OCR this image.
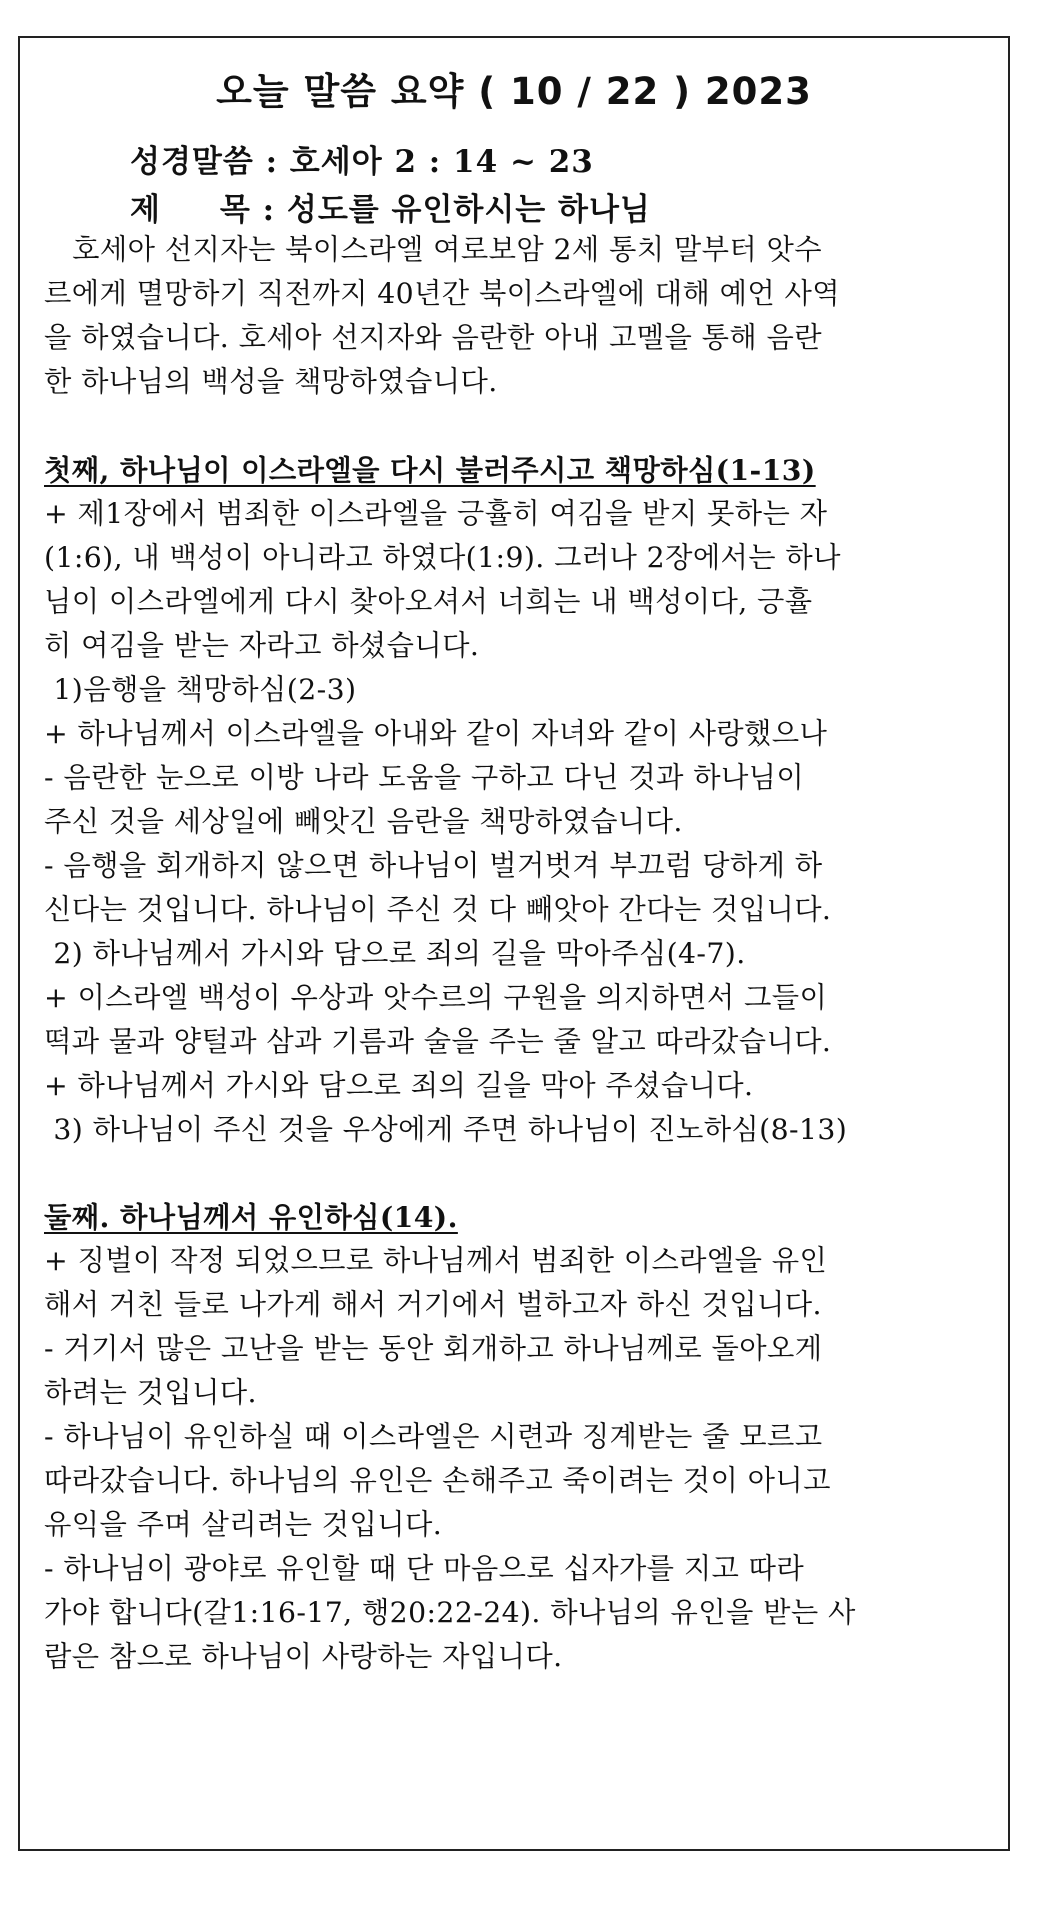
오늘 말씀 요약 ( 10 / 22 ) 2023
성경말씀 : 호세아 2 : 14 ~ 23
제     목 : 성도를 유인하시는 하나님
호세아 선지자는 북이스라엘 여로보암 2세 통치 말부터 앗수
르에게 멸망하기 직전까지 40년간 북이스라엘에 대해 예언 사역
을 하였습니다. 호세아 선지자와 음란한 아내 고멜을 통해 음란
한 하나님의 백성을 책망하였습니다.
첫째, 하나님이 이스라엘을 다시 불러주시고 책망하심(1-13)
+ 제1장에서 범죄한 이스라엘을 긍휼히 여김을 받지 못하는 자
(1:6), 내 백성이 아니라고 하였다(1:9). 그러나 2장에서는 하나
님이 이스라엘에게 다시 찾아오셔서 너희는 내 백성이다, 긍휼
히 여김을 받는 자라고 하셨습니다.
1)음행을 책망하심(2-3)
+ 하나님께서 이스라엘을 아내와 같이 자녀와 같이 사랑했으나
- 음란한 눈으로 이방 나라 도움을 구하고 다닌 것과 하나님이
주신 것을 세상일에 빼앗긴 음란을 책망하였습니다.
- 음행을 회개하지 않으면 하나님이 벌거벗겨 부끄럼 당하게 하
신다는 것입니다. 하나님이 주신 것 다 빼앗아 간다는 것입니다.
2) 하나님께서 가시와 담으로 죄의 길을 막아주심(4-7).
+ 이스라엘 백성이 우상과 앗수르의 구원을 의지하면서 그들이
떡과 물과 양털과 삼과 기름과 술을 주는 줄 알고 따라갔습니다.
+ 하나님께서 가시와 담으로 죄의 길을 막아 주셨습니다.
3) 하나님이 주신 것을 우상에게 주면 하나님이 진노하심(8-13)
둘째. 하나님께서 유인하심(14).
+ 징벌이 작정 되었으므로 하나님께서 범죄한 이스라엘을 유인
해서 거친 들로 나가게 해서 거기에서 벌하고자 하신 것입니다.
- 거기서 많은 고난을 받는 동안 회개하고 하나님께로 돌아오게
하려는 것입니다.
- 하나님이 유인하실 때 이스라엘은 시련과 징계받는 줄 모르고
따라갔습니다. 하나님의 유인은 손해주고 죽이려는 것이 아니고
유익을 주며 살리려는 것입니다.
- 하나님이 광야로 유인할 때 단 마음으로 십자가를 지고 따라
가야 합니다(갈1:16-17, 행20:22-24). 하나님의 유인을 받는 사
람은 참으로 하나님이 사랑하는 자입니다.
